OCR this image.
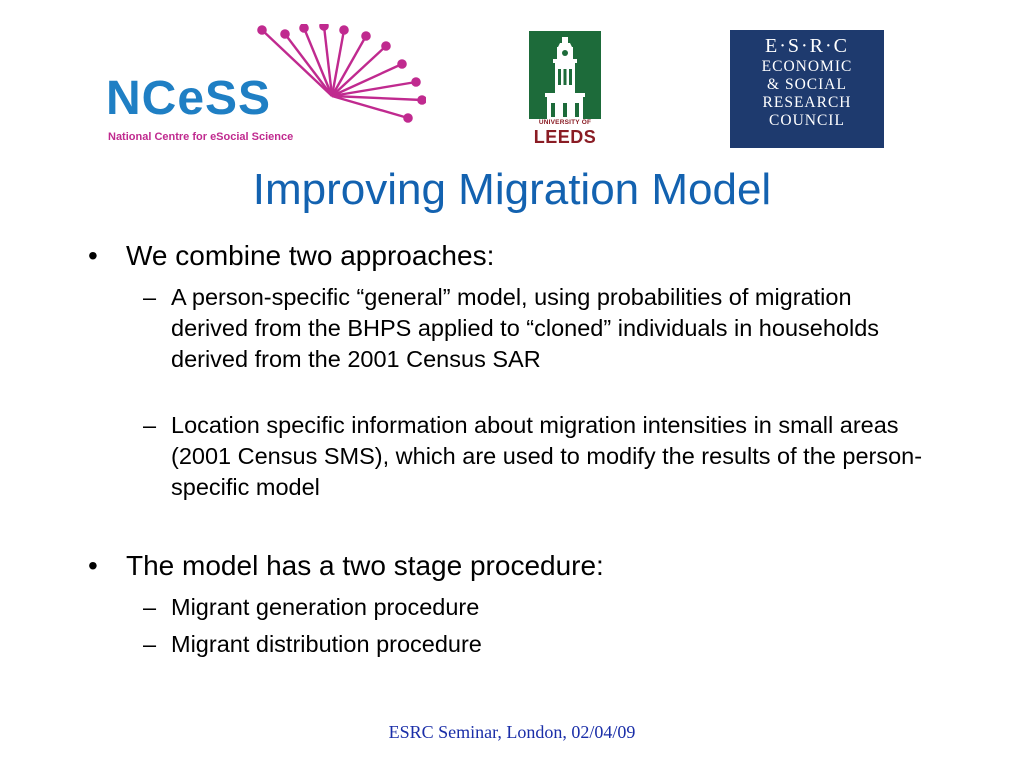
NCeSS
National Centre for eSocial Science
UNIVERSITY OF
LEEDS
E·S·R·C
ECONOMIC
& SOCIAL
RESEARCH
COUNCIL
Improving Migration Model
• We combine two approaches:
– A person-specific “general” model, using probabilities of migration derived from the BHPS applied to “cloned” individuals in households derived from the 2001 Census SAR
– Location specific information about migration intensities in small areas (2001 Census SMS), which are used to modify the results of the person-specific model
• The model has a two stage procedure:
– Migrant generation procedure
– Migrant distribution procedure
ESRC Seminar, London, 02/04/09
